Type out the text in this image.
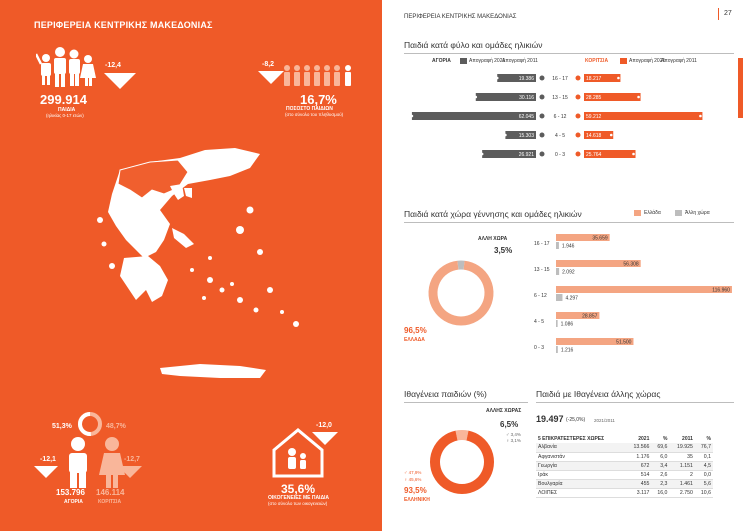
ΠΕΡΙΦΕΡΕΙΑ ΚΕΝΤΡΙΚΗΣ ΜΑΚΕΔΟΝΙΑΣ
-12,4
299.914
ΠΑΙΔΙΑ
(ηλικίας 0-17 ετών)
-8,2
16,7%
ΠΟΣΟΣΤΟ ΠΑΙΔΙΩΝ
(στο σύνολο του πληθυσμού)
51,3%	48,7%
-12,1	-12,7
153.796
ΑΓΟΡΙΑ
146.114
ΚΟΡΙΤΣΙΑ
-12,0
35,6%
ΟΙΚΟΓΕΝΕΙΕΣ ΜΕ ΠΑΙΔΙΑ
(στο σύνολο των οικογενειών)
ΠΕΡΙΦΕΡΕΙΑ ΚΕΝΤΡΙΚΗΣ ΜΑΚΕΔΟΝΙΑΣ	27
Παιδιά κατά φύλο και ομάδες ηλικιών
ΑΓΟΡΙΑ	Απογραφή 2021
Απογραφή 2011	ΚΟΡΙΤΣΙΑ	Απογραφή 2021
Απογραφή 2011
19.386	16 - 17	18.217
30.116	13 - 15	28.285
62.045	6 - 12	59.212
15.303	4 - 5	14.618
26.921	0 - 3	25.764
Παιδιά κατά χώρα γέννησης και ομάδες ηλικιών	Ελλάδα	Άλλη χώρα
ΑΛΛΗ ΧΩΡΑ
3,5%
96,5%
ΕΛΛΑΔΑ
16 - 17
35.659
1.946
13 - 15
56.308
2.092
6 - 12
116.960
4.297
4 - 5
28.857
1.086
0 - 3
51.500
1.216
Ιθαγένεια παιδιών (%)
ΑΛΛΗΣ ΧΩΡΑΣ
6,5%
♂ 3,4%
♀ 3,1%
♂ 47,9%
♀ 45,6%
93,5%
ΕΛΛΗΝΙΚΗ
Παιδιά με Ιθαγένεια άλλης χώρας
19.497 (-25,0%) 2021/2011
5 ΕΠΙΚΡΑΤΕΣΤΕΡΕΣ ΧΩΡΕΣ	2021	%	2011	%
Αλβανία	13.566	69,6	19.925	76,7
Αφγανιστάν	1.176	6,0	35	0,1
Γεωργία	672	3,4	1.151	4,5
Ιράκ	514	2,6	2	0,0
Βουλγαρία	455	2,3	1.461	5,6
ΛΟΙΠΕΣ	3.117	16,0	2.750	10,6
